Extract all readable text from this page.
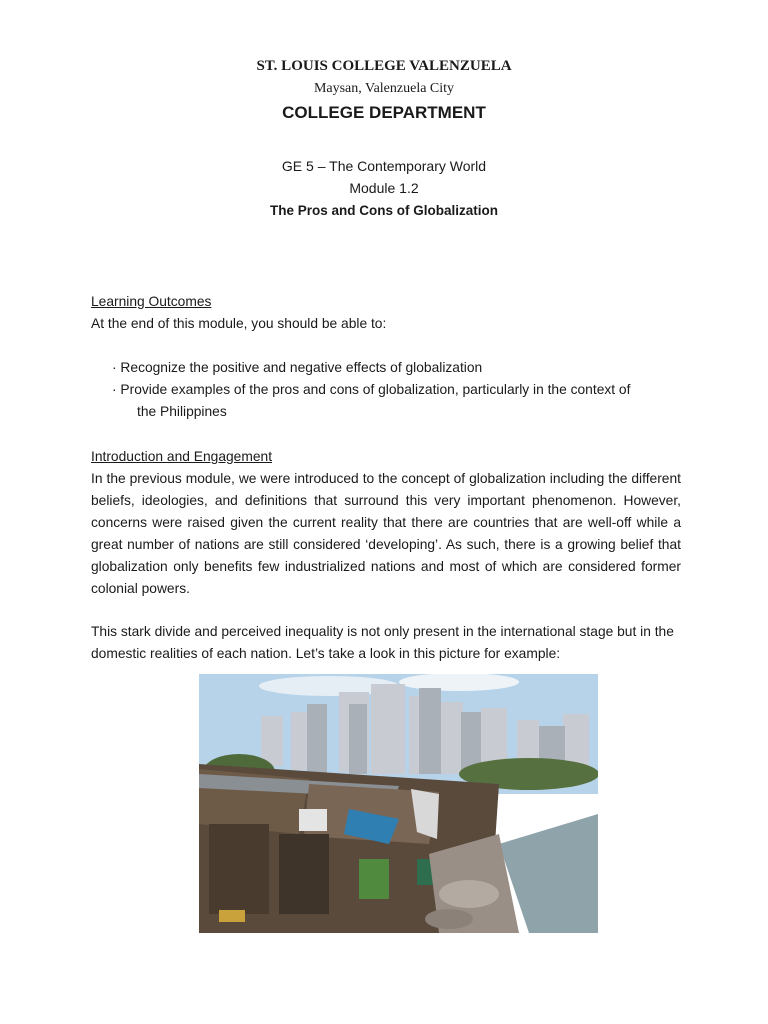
ST. LOUIS COLLEGE VALENZUELA
Maysan, Valenzuela City
COLLEGE DEPARTMENT
GE 5 – The Contemporary World
Module 1.2
The Pros and Cons of Globalization
Learning Outcomes
At the end of this module, you should be able to:
· Recognize the positive and negative effects of globalization
· Provide examples of the pros and cons of globalization, particularly in the context of
the Philippines
Introduction and Engagement
In the previous module, we were introduced to the concept of globalization including the different beliefs, ideologies, and definitions that surround this very important phenomenon. However, concerns were raised given the current reality that there are countries that are well-off while a great number of nations are still considered ‘developing’. As such, there is a growing belief that globalization only benefits few industrialized nations and most of which are considered former colonial powers.
This stark divide and perceived inequality is not only present in the international stage but in the domestic realities of each nation. Let’s take a look in this picture for example:
